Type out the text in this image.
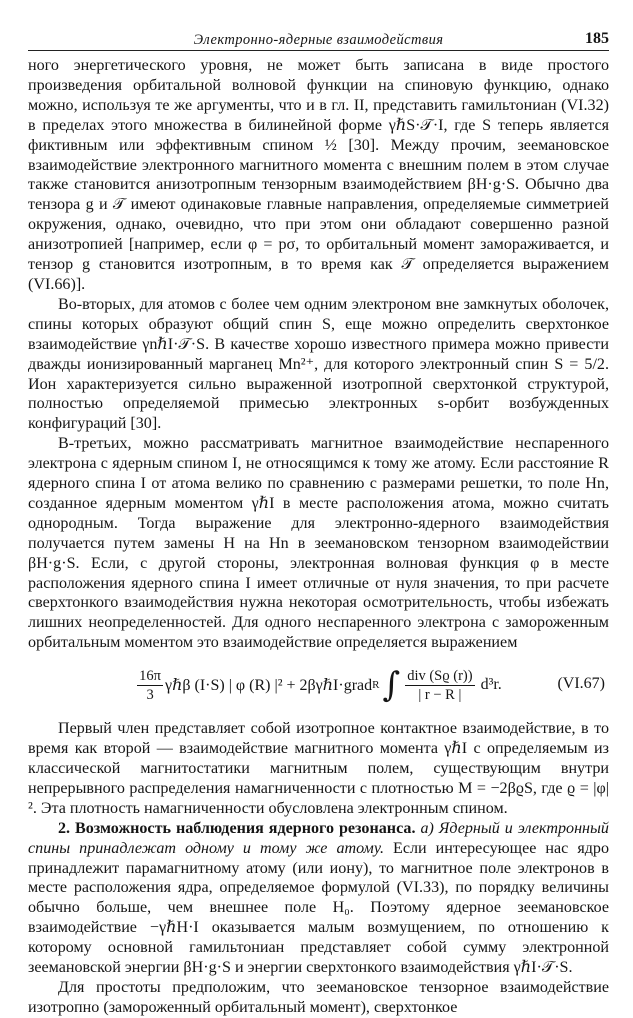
Электронно-ядерные взаимодействия	185

ного энергетического уровня, не может быть записана в виде простого произведения орбитальной волновой функции на спиновую функцию, однако можно, используя те же аргументы, что и в гл. II, представить гамильтониан (VI.32) в пределах этого множества в билинейной форме γℏS·𝒯·I, где S теперь является фиктивным или эффективным спином ½ [30]. Между прочим, зеемановское взаимодействие электронного магнитного момента с внешним полем в этом случае также становится анизотропным тензорным взаимодействием βH·g·S. Обычно два тензора g и 𝒯 имеют одинаковые главные направления, определяемые симметрией окружения, однако, очевидно, что при этом они обладают совершенно разной анизотропией [например, если φ = pσ, то орбитальный момент замораживается, и тензор g становится изотропным, в то время как 𝒯 определяется выражением (VI.66)].

Во-вторых, для атомов с более чем одним электроном вне замкнутых оболочек, спины которых образуют общий спин S, еще можно определить сверхтонкое взаимодействие γnℏI·𝒯·S. В качестве хорошо известного примера можно привести дважды ионизированный марганец Mn²⁺, для которого электронный спин S = 5/2. Ион характеризуется сильно выраженной изотропной сверхтонкой структурой, полностью определяемой примесью электронных s-орбит возбужденных конфигураций [30].

В-третьих, можно рассматривать магнитное взаимодействие неспаренного электрона с ядерным спином I, не относящимся к тому же атому. Если расстояние R ядерного спина I от атома велико по сравнению с размерами решетки, то поле Hn, созданное ядерным моментом γℏI в месте расположения атома, можно считать однородным. Тогда выражение для электронно-ядерного взаимодействия получается путем замены H на Hn в зеемановском тензорном взаимодействии βH·g·S. Если, с другой стороны, электронная волновая функция φ в месте расположения ядерного спина I имеет отличные от нуля значения, то при расчете сверхтонкого взаимодействия нужна некоторая осмотрительность, чтобы избежать лишних неопределенностей. Для одного неспаренного электрона с замороженным орбитальным моментом это взаимодействие определяется выражением

$\frac{16\pi}{3}$ γℏβ (I·S) | φ (R) |² + 2βγℏI·grad R ∫ $\frac{\text{div (Sϱ (r))}}{| r - R |} d^3r$.	(VI.67)

Первый член представляет собой изотропное контактное взаимодействие, в то время как второй — взаимодействие магнитного момента γℏI с определяемым из классической магнитостатики магнитным полем, существующим внутри непрерывного распределения намагниченности с плотностью M = −2βϱS, где ϱ = |φ|². Эта плотность намагниченности обусловлена электронным спином.

2. Возможность наблюдения ядерного резонанса. а) Ядерный и электронный спины принадлежат одному и тому же атому. Если интересующее нас ядро принадлежит парамагнитному атому (или иону), то магнитное поле электронов в месте расположения ядра, определяемое формулой (VI.33), по порядку величины обычно больше, чем внешнее поле H₀. Поэтому ядерное зеемановское взаимодействие −γℏH·I оказывается малым возмущением, по отношению к которому основной гамильтониан представляет собой сумму электронной зеемановской энергии βH·g·S и энергии сверхтонкого взаимодействия γℏI·𝒯·S.

Для простоты предположим, что зеемановское тензорное взаимодействие изотропно (замороженный орбитальный момент), сверхтонкое
